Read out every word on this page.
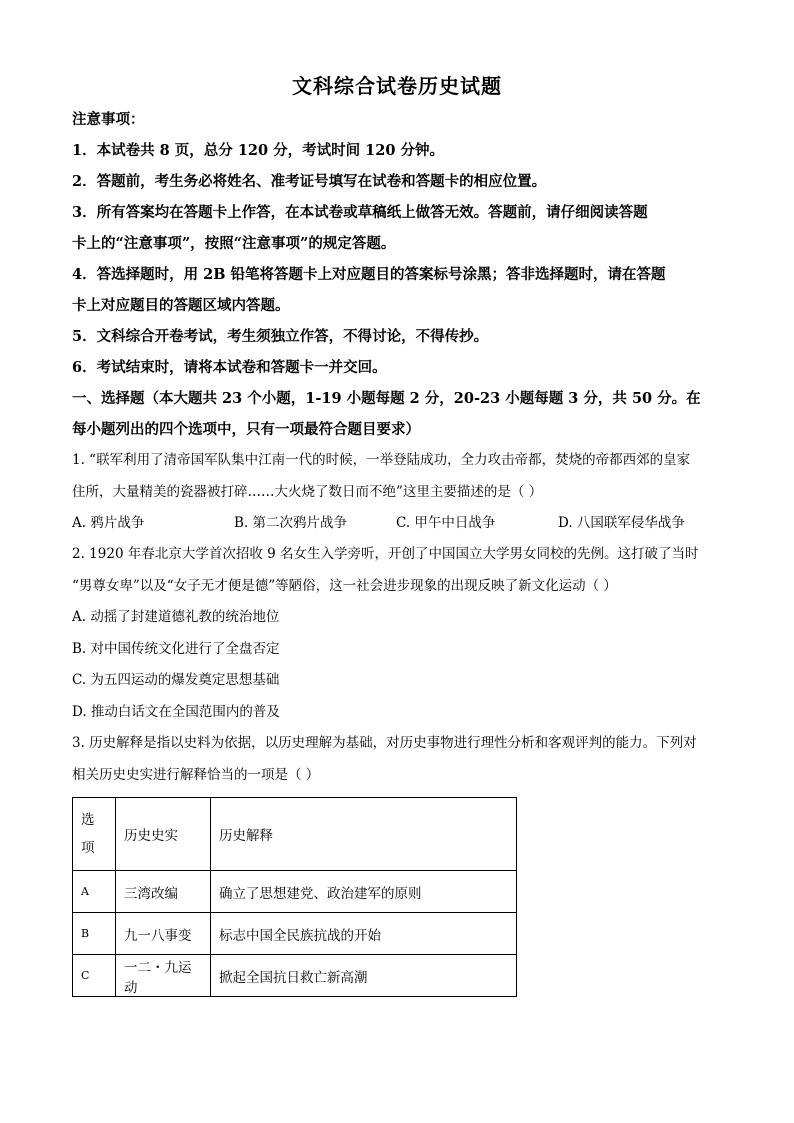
文科综合试卷历史试题

注意事项：

1．本试卷共 8 页，总分 120 分，考试时间 120 分钟。

2．答题前，考生务必将姓名、准考证号填写在试卷和答题卡的相应位置。

3．所有答案均在答题卡上作答，在本试卷或草稿纸上做答无效。答题前，请仔细阅读答题

卡上的“注意事项”，按照“注意事项”的规定答题。

4．答选择题时，用 2B 铅笔将答题卡上对应题目的答案标号涂黑；答非选择题时，请在答题

卡上对应题目的答题区域内答题。

5．文科综合开卷考试，考生须独立作答，不得讨论，不得传抄。

6．考试结束时，请将本试卷和答题卡一并交回。

一、选择题（本大题共 23 个小题，1-19 小题每题 2 分，20-23 小题每题 3 分，共 50 分。在

每小题列出的四个选项中，只有一项最符合题目要求）

1. “联军利用了清帝国军队集中江南一代的时候，一举登陆成功，全力攻击帝都，焚烧的帝都西郊的皇家

住所，大量精美的瓷器被打碎……大火烧了数日而不绝”这里主要描述的是（ ）

A. 鸦片战争	B. 第二次鸦片战争	C. 甲午中日战争	D. 八国联军侵华战争

2. 1920 年春北京大学首次招收 9 名女生入学旁听，开创了中国国立大学男女同校的先例。这打破了当时

“男尊女卑”以及“女子无才便是德”等陋俗，这一社会进步现象的出现反映了新文化运动（ ）

A. 动摇了封建道德礼教的统治地位

B. 对中国传统文化进行了全盘否定

C. 为五四运动的爆发奠定思想基础

D. 推动白话文在全国范围内的普及

3. 历史解释是指以史料为依据，以历史理解为基础，对历史事物进行理性分析和客观评判的能力。下列对

相关历史史实进行解释恰当的一项是（ ）

选
项	历史史实	历史解释
A	三湾改编	确立了思想建党、政治建军的原则
B	九一八事变	标志中国全民族抗战的开始
C	一二・九运动	掀起全国抗日救亡新高潮
